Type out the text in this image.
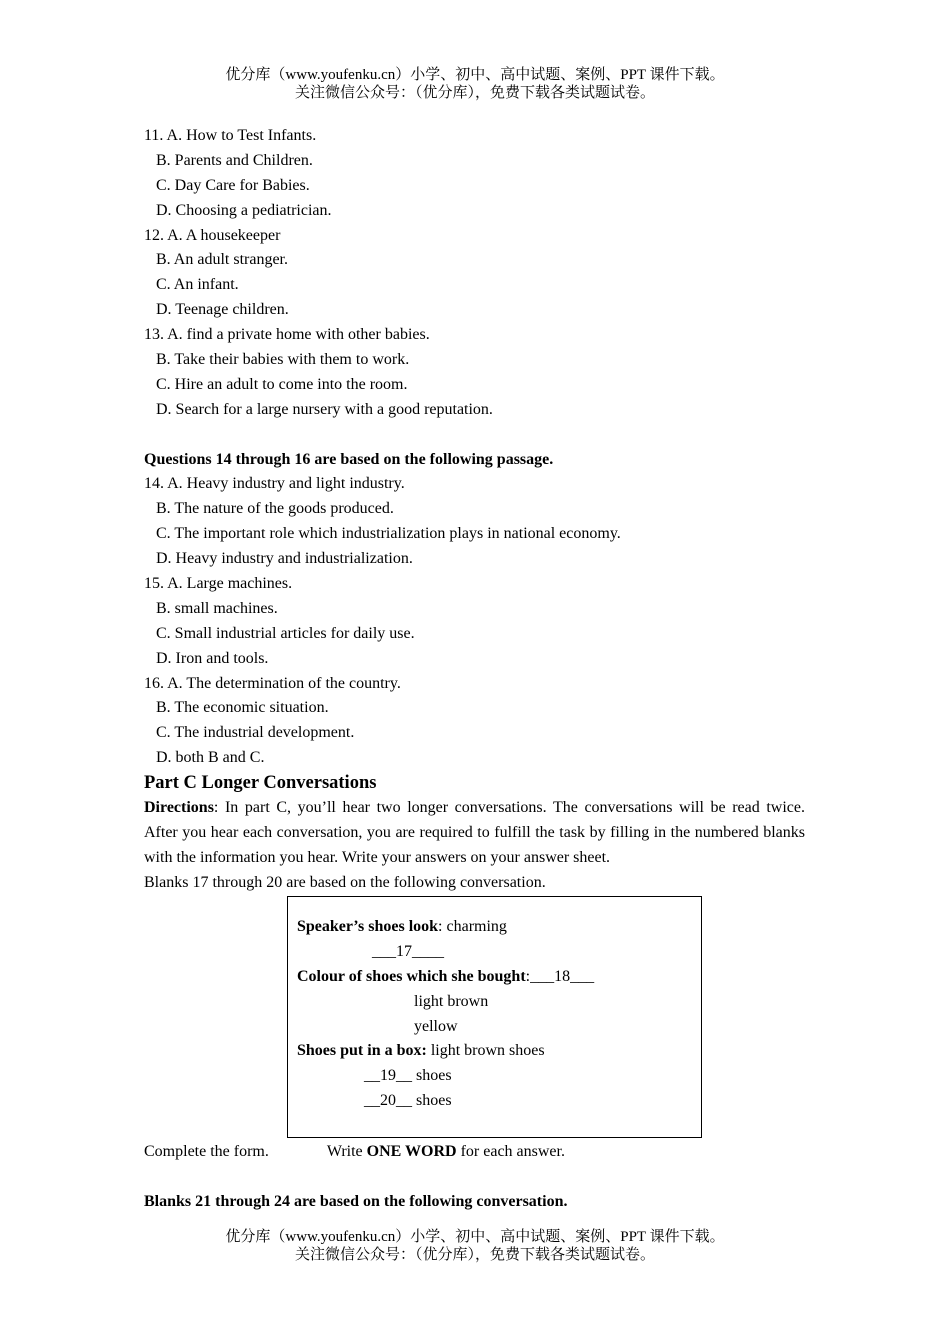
优分库（www.youfenku.cn）小学、初中、高中试题、案例、PPT 课件下载。
关注微信公众号：（优分库），免费下载各类试题试卷。
11. A. How to Test Infants.
B. Parents and Children.
C. Day Care for Babies.
D. Choosing a pediatrician.
12. A. A housekeeper
B. An adult stranger.
C. An infant.
D. Teenage children.
13. A. find a private home with other babies.
B. Take their babies with them to work.
C. Hire an adult to come into the room.
D. Search for a large nursery with a good reputation.
Questions 14 through 16 are based on the following passage.
14. A. Heavy industry and light industry.
B. The nature of the goods produced.
C. The important role which industrialization plays in national economy.
D. Heavy industry and industrialization.
15. A. Large machines.
B. small machines.
C. Small industrial articles for daily use.
D. Iron and tools.
16. A. The determination of the country.
B. The economic situation.
C. The industrial development.
D. both B and C.
Part C Longer Conversations
Directions: In part C, you’ll hear two longer conversations. The conversations will be read twice. After you hear each conversation, you are required to fulfill the task by filling in the numbered blanks with the information you hear. Write your answers on your answer sheet.
Blanks 17 through 20 are based on the following conversation.
Speaker’s shoes look: charming
___17____
Colour of shoes which she bought:___18___
light brown
yellow
Shoes put in a box: light brown shoes
__19__ shoes
__20__ shoes
Complete the form.	Write ONE WORD for each answer.
Blanks 21 through 24 are based on the following conversation.
优分库（www.youfenku.cn）小学、初中、高中试题、案例、PPT 课件下载。
关注微信公众号：（优分库），免费下载各类试题试卷。
